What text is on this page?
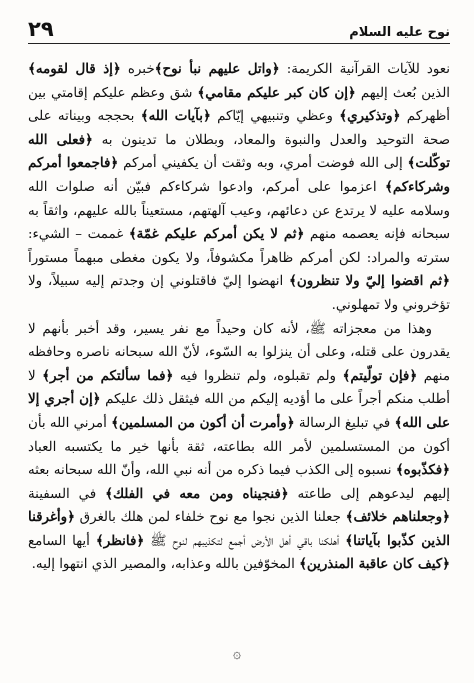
٢٩	نوح عليه السلام

نعود للآيات القرآنية الكريمة: ﴿واتل عليهم نبأ نوح﴾خبره ﴿إذ قال لقومه﴾ الذين بُعث إليهم ﴿إن كان كبر عليكم مقامي﴾ شق وعظم عليكم إقامتي بين أظهركم ﴿وتذكيري﴾ وعظي وتنبيهي إيّاكم ﴿بآيات الله﴾ بحججه وبيناته على صحة التوحيد والعدل والنبوة والمعاد، وبطلان ما تدينون به ﴿فعلى الله توكّلت﴾ إلى الله فوضت أمري، وبه وثقت أن يكفيني أمركم ﴿فاجمعوا أمركم وشركاءكم﴾ اعزموا على أمركم، وادعوا شركاءكم فبيّن أنه صلوات الله وسلامه عليه لا يرتدع عن دعائهم، وعيب آلهتهم، مستعيناً بالله عليهم، واثقاً به سبحانه فإنه يعصمه منهم ﴿ثم لا يكن أمركم عليكم غمّة﴾ غممت – الشيء: سترته والمراد: لكن أمركم ظاهراً مكشوفاً، ولا يكون مغطى مبهماً مستوراً ﴿ثم اقضوا إليّ ولا تنظرون﴾ انهضوا إليّ فاقتلوني إن وجدتم إليه سبيلاً، ولا تؤخروني ولا تمهلوني.

وهذا من معجزاته ﷺ، لأنه كان وحيداً مع نفر يسير، وقد أخبر بأنهم لا يقدرون على قتله، وعلى أن ينزلوا به السّوء، لأنّ الله سبحانه ناصره وحافظه منهم ﴿فإن تولّيتم﴾ ولم تقبلوه، ولم تنظروا فيه ﴿فما سألتكم من أجر﴾ لا أطلب منكم أجراً على ما أؤديه إليكم من الله فيثقل ذلك عليكم ﴿إن أجري إلا على الله﴾ في تبليغ الرسالة ﴿وأمرت أن أكون من المسلمين﴾ أمرني الله بأن أكون من المستسلمين لأمر الله بطاعته، ثقة بأنها خير ما يكتسبه العباد ﴿فكذّبوه﴾ نسبوه إلى الكذب فيما ذكره من أنه نبي الله، وأنّ الله سبحانه بعثه إليهم ليدعوهم إلى طاعته ﴿فنجيناه ومن معه في الفلك﴾ في السفينة ﴿وجعلناهم خلائف﴾ جعلنا الذين نجوا مع نوح خلفاء لمن هلك بالغرق ﴿وأغرقنا الذين كذّبوا بآياتنا﴾ أهلكنا باقي أهل الأرض أجمع لتكذيبهم لنوح ﷺ ﴿فانظر﴾ أيها السامع ﴿كيف كان عاقبة المنذرين﴾ المخوّفين بالله وعذابه، والمصير الذي انتهوا إليه.

۞
